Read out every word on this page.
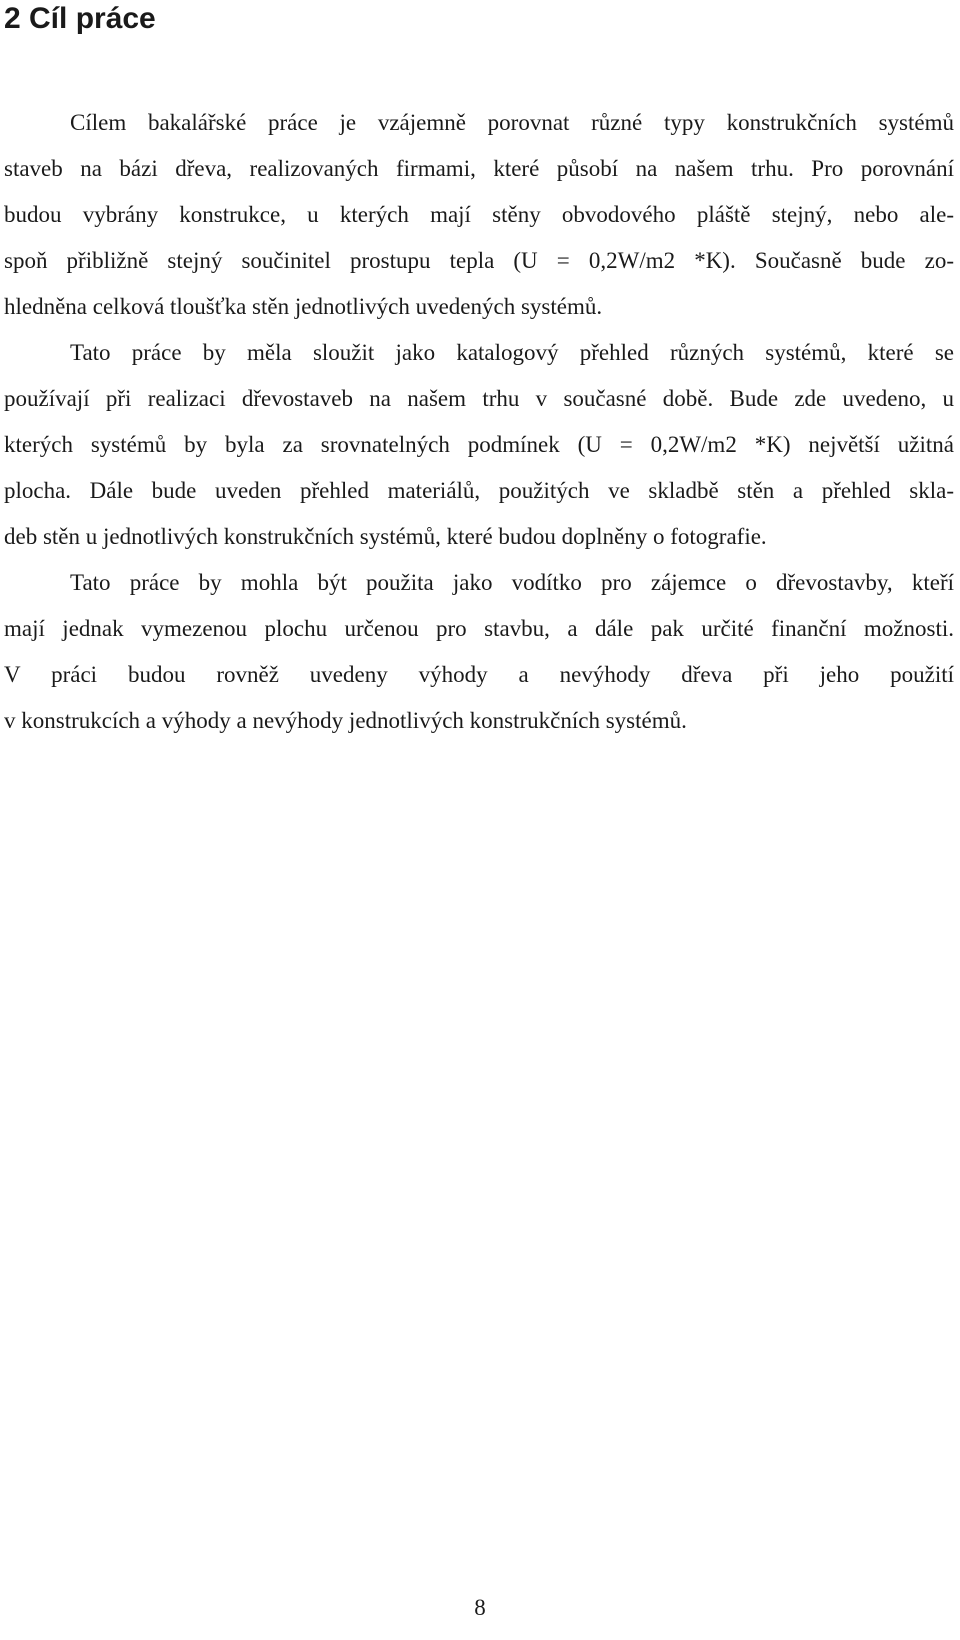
2 Cíl práce
Cílem bakalářské práce je vzájemně porovnat různé typy konstrukčních systémů
staveb na bázi dřeva, realizovaných firmami, které působí na našem trhu. Pro porovnání
budou vybrány konstrukce, u kterých mají stěny obvodového pláště stejný, nebo ale-
spoň přibližně stejný součinitel prostupu tepla (U = 0,2W/m2 *K). Současně bude zo-
hledněna celková tloušťka stěn jednotlivých uvedených systémů.
Tato práce by měla sloužit jako katalogový přehled různých systémů, které se
používají při realizaci dřevostaveb na našem trhu v současné době. Bude zde uvedeno, u
kterých systémů by byla za srovnatelných podmínek (U = 0,2W/m2 *K) největší užitná
plocha. Dále bude uveden přehled materiálů, použitých ve skladbě stěn a přehled skla-
deb stěn u jednotlivých konstrukčních systémů, které budou doplněny o fotografie.
Tato práce by mohla být použita jako vodítko pro zájemce o dřevostavby, kteří
mají jednak vymezenou plochu určenou pro stavbu, a dále pak určité finanční možnosti.
V práci budou rovněž uvedeny výhody a nevýhody dřeva při jeho použití
v konstrukcích a výhody a nevýhody jednotlivých konstrukčních systémů.
8
